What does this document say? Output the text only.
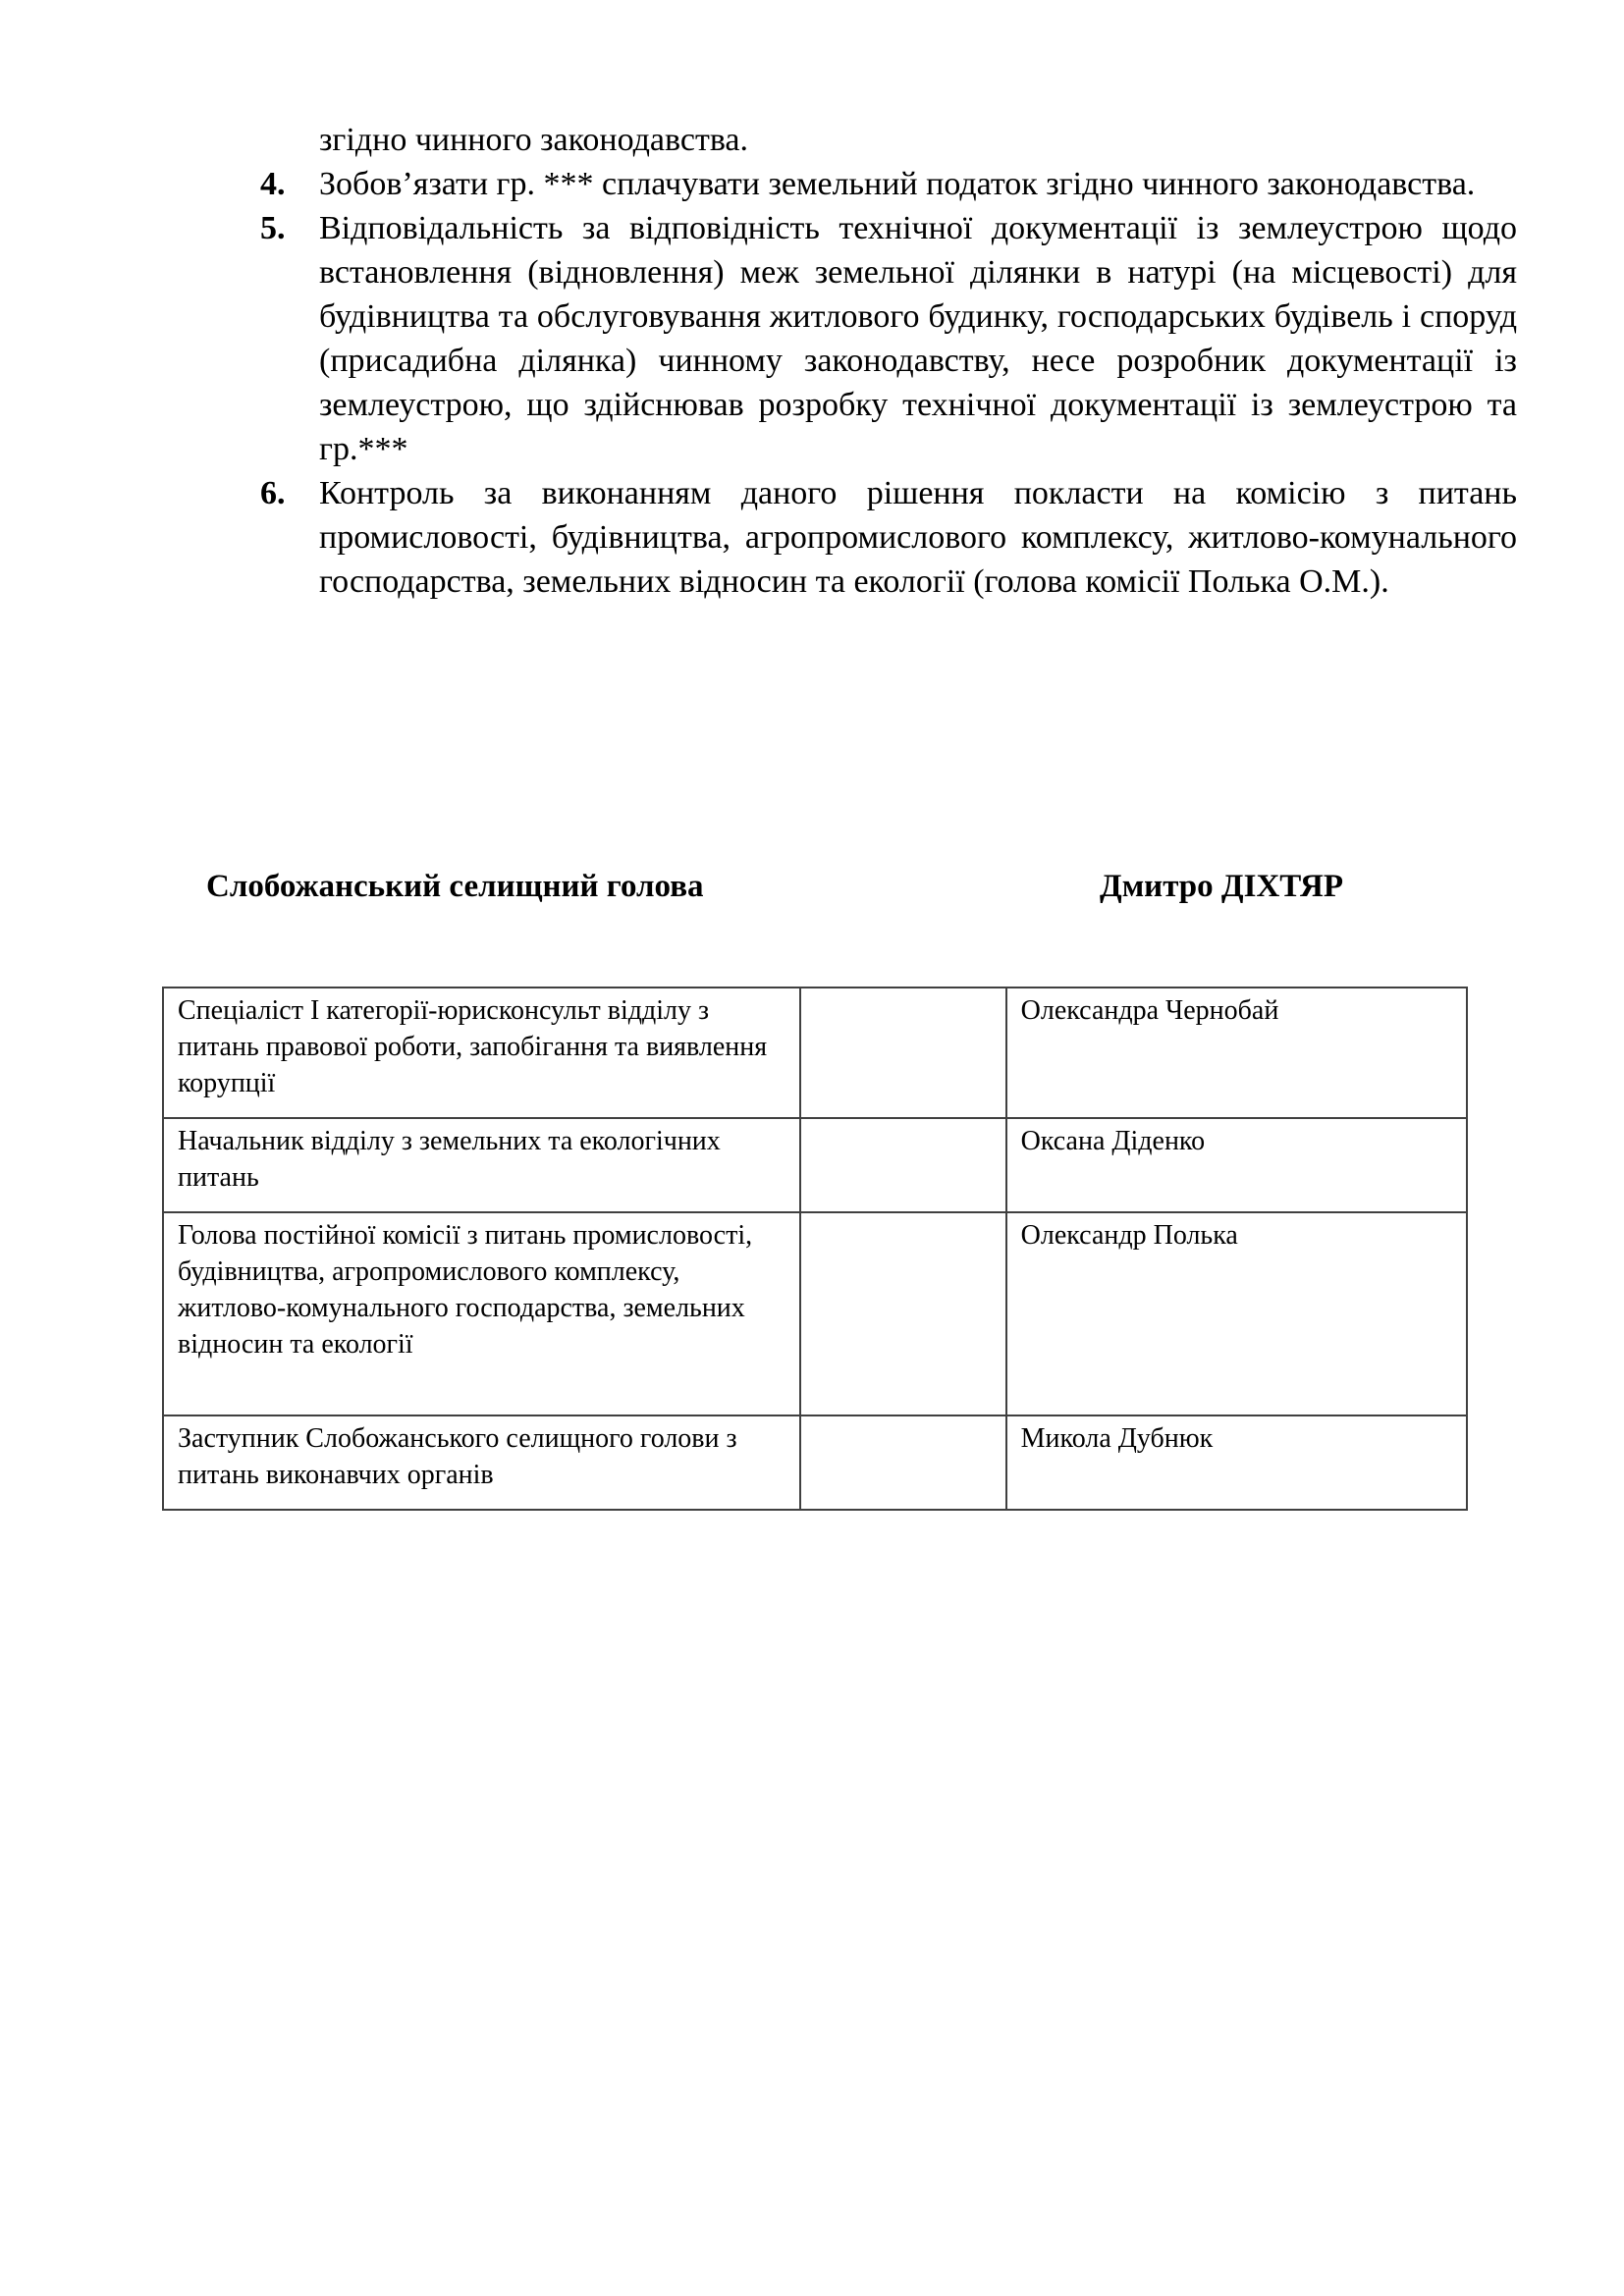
згідно чинного законодавства.
4.	Зобов’язати гр. *** сплачувати земельний податок згідно чинного законодавства.
5.	Відповідальність за відповідність технічної документації із землеустрою щодо встановлення (відновлення) меж земельної ділянки в натурі (на місцевості) для будівництва та обслуговування житлового будинку, господарських будівель і споруд (присадибна ділянка) чинному законодавству, несе розробник документації із землеустрою, що здійснював розробку технічної документації із землеустрою та гр.***
6.	Контроль за виконанням даного рішення покласти на комісію з питань промисловості, будівництва, агропромислового комплексу, житлово-комунального господарства, земельних відносин та екології (голова комісії Полька О.М.).
Слобожанський селищний голова	Дмитро ДІХТЯР
Спеціаліст І категорії-юрисконсульт відділу з питань правової роботи, запобігання та виявлення корупції		Олександра Чернобай
Начальник відділу з земельних та екологічних питань		Оксана Діденко
Голова постійної комісії з питань промисловості, будівництва, агропромислового комплексу, житлово-комунального господарства, земельних відносин та екології		Олександр Полька
Заступник Слобожанського селищного голови з питань виконавчих органів		Микола Дубнюк
